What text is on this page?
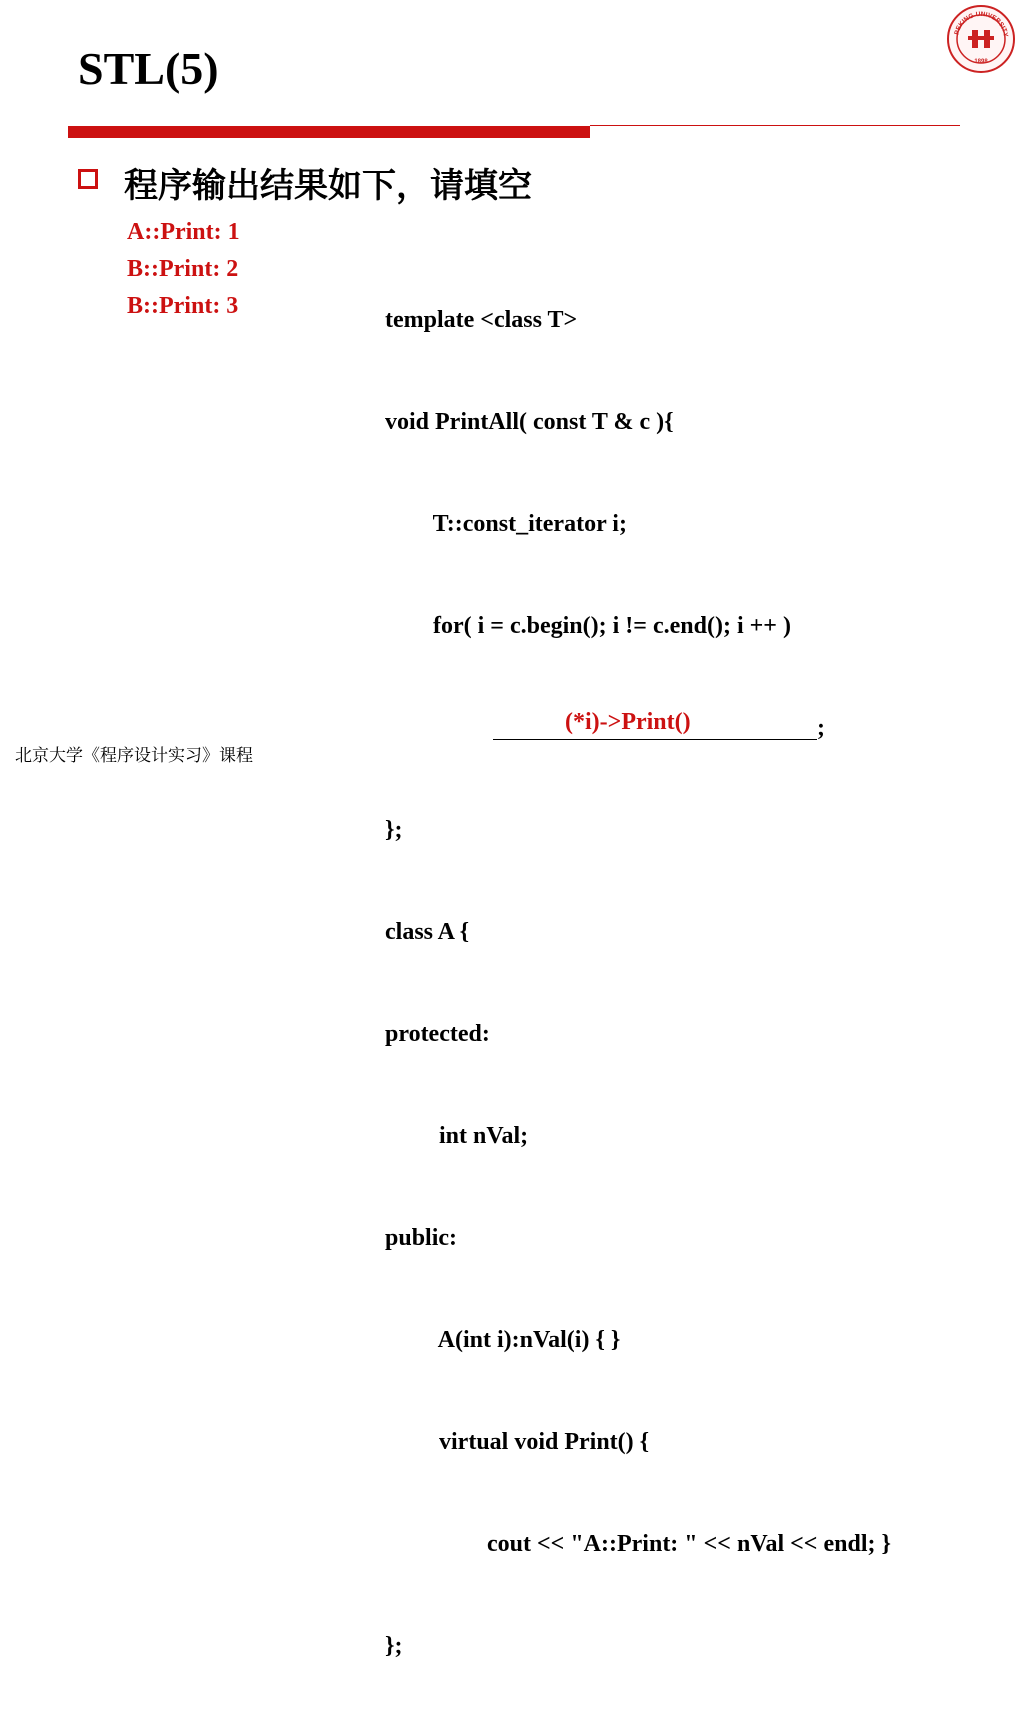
STL(5)
PEKING UNIVERSITY
1898
程序输出结果如下，请填空
A::Print: 1
B::Print: 2
B::Print: 3

template <class T>

void PrintAll( const T & c ){

T::const_iterator i;

for( i = c.begin(); i != c.end(); i ++ )

(*i)->Print()

	;

};

class A {

protected:

int nVal;

public:

A(int i):nVal(i) { }

virtual void Print() {

cout << "A::Print: " << nVal << endl; }

};

北京大学《程序设计实习》课程
